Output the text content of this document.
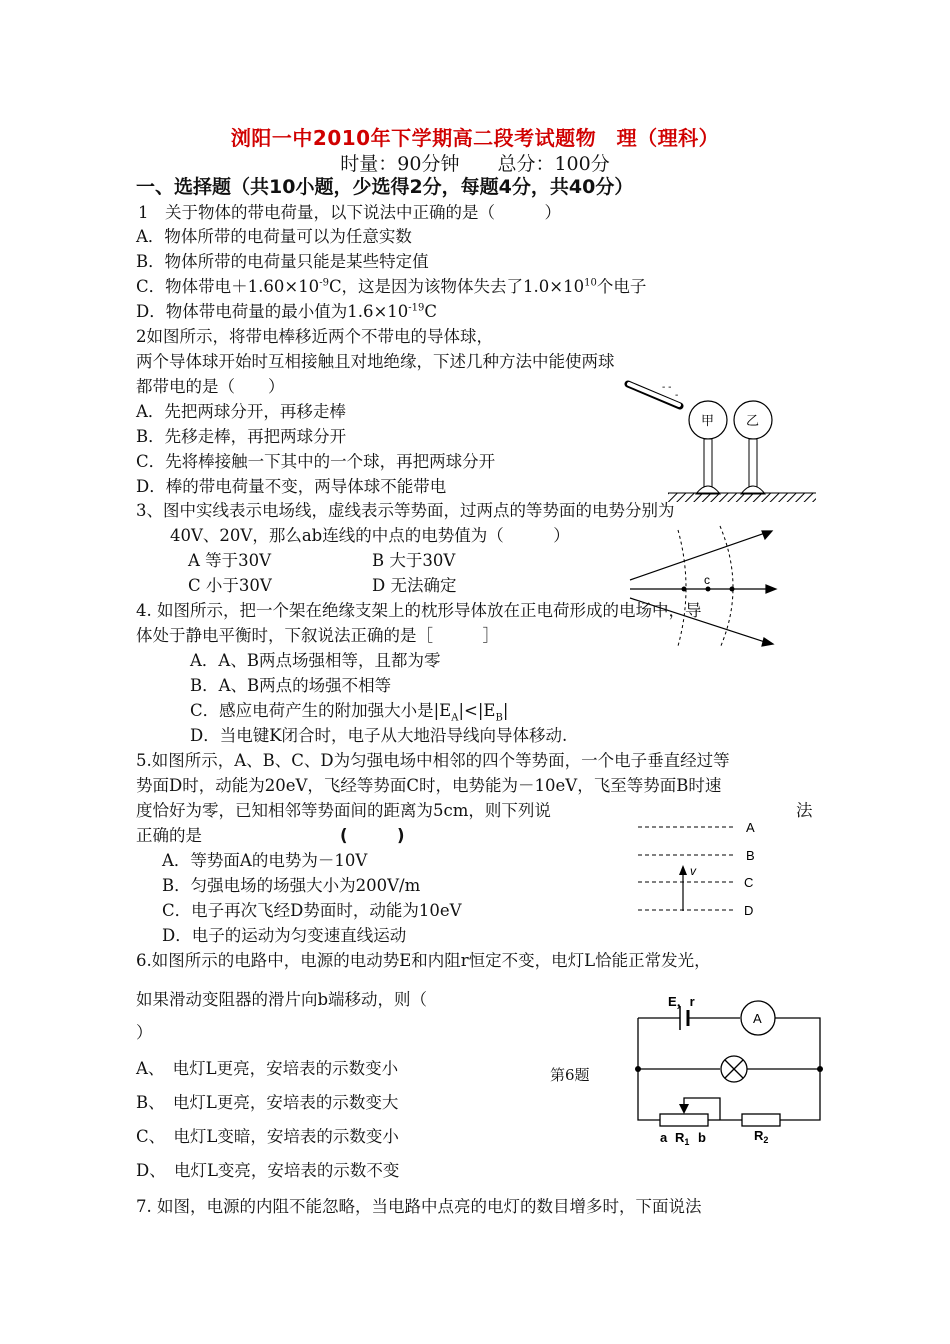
浏阳一中2010年下学期高二段考试题物　理（理科）
时量：90分钟　　总分：100分
一、选择题（共10小题，少选得2分，每题4分，共40分）
1　关于物体的带电荷量，以下说法中正确的是（　　　）
A．物体所带的电荷量可以为任意实数
B．物体所带的电荷量只能是某些特定值
C．物体带电$+1.60\times 10^{-9}C$，这是因为该物体失去了$1.0\times 10^{10}$个电子
D．物体带电荷量的最小值为$1.6\times 10^{-19}C$
2如图所示，将带电棒移近两个不带电的导体球，
两个导体球开始时互相接触且对地绝缘，下述几种方法中能使两球
都带电的是（　　）
A．先把两球分开，再移走棒
B．先移走棒，再把两球分开
C．先将棒接触一下其中的一个球，再把两球分开
D．棒的带电荷量不变，两导体球不能带电
- -
-
甲 乙
3、图中实线表示电场线，虚线表示等势面，过两点的等势面的电势分别为
40V、20V，那么ab连线的中点的电势值为（　　　）
A 等于30V	B 大于30V
C 小于30V	D 无法确定	c
4. 如图所示，把一个架在绝缘支架上的枕形导体放在正电荷形成的电场中，导
体处于静电平衡时，下叙说法正确的是［　　　］
A．A、B两点场强相等，且都为零
B．A、B两点的场强不相等
C．感应电荷产生的附加强大小是$|E_A|<|E_B|$
D．当电键K闭合时，电子从大地沿导线向导体移动.
5.如图所示，A、B、C、D为匀强电场中相邻的四个等势面，一个电子垂直经过等
势面D时，动能为20eV，飞经等势面C时，电势能为－10eV，飞至等势面B时速
度恰好为零，已知相邻等势面间的距离为5cm，则下列说	法
正确的是	(　　　)
A．等势面A的电势为－10V
B．匀强电场的场强大小为200V/m
C．电子再次飞经D势面时，动能为10eV
D．电子的运动为匀变速直线运动
v
A
B
C
D
6.如图所示的电路中，电源的电动势E和内阻r恒定不变，电灯L恰能正常发光，
如果滑动变阻器的滑片向b端移动，则（
）
A、　电灯L更亮，安培表的示数变小
B、　电灯L更亮，安培表的示数变大
C、　电灯L变暗，安培表的示数变小
D、　电灯L变亮，安培表的示数不变
第6题
E，r
A
a $R_1$ b	$R_2$
7. 如图，电源的内阻不能忽略，当电路中点亮的电灯的数目增多时，下面说法
